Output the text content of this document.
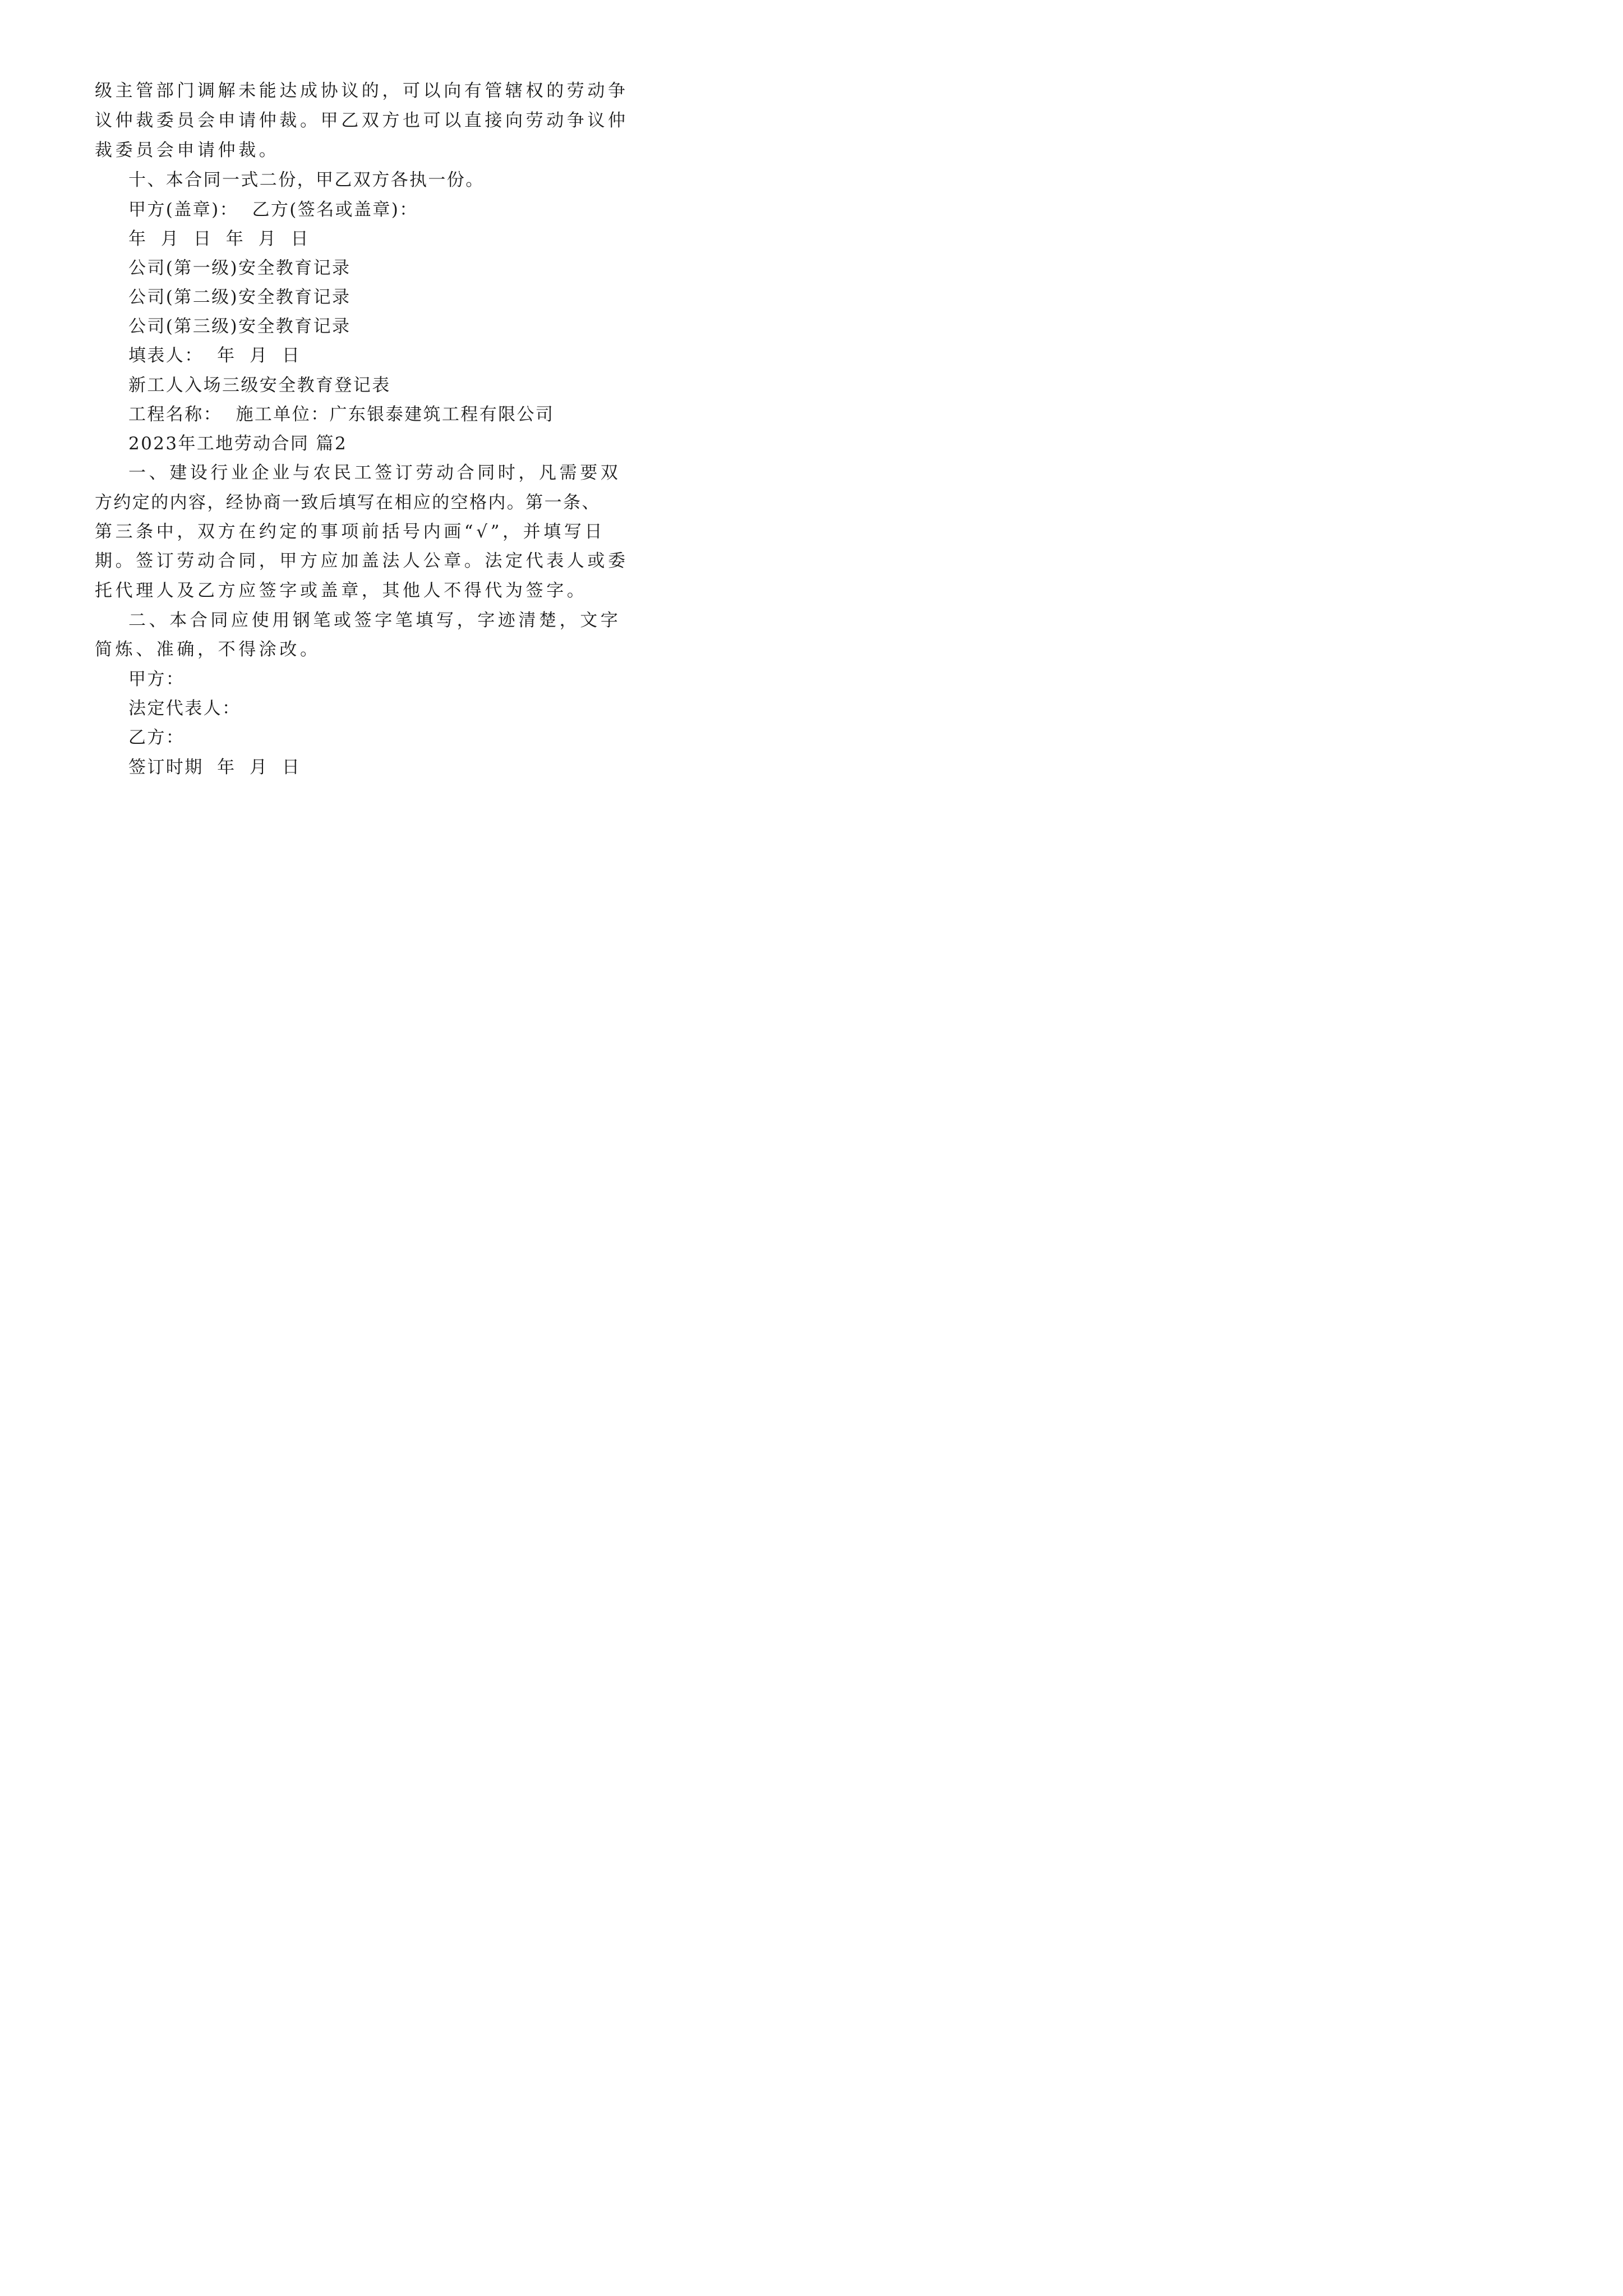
级主管部门调解未能达成协议的，可以向有管辖权的劳动争
议仲裁委员会申请仲裁。甲乙双方也可以直接向劳动争议仲
裁委员会申请仲裁。
十、本合同一式二份，甲乙双方各执一份。
甲方(盖章)：  乙方(签名或盖章)：
年  月  日  年  月  日
公司(第一级)安全教育记录
公司(第二级)安全教育记录
公司(第三级)安全教育记录
填表人：  年  月  日
新工人入场三级安全教育登记表
工程名称：  施工单位：广东银泰建筑工程有限公司
2023年工地劳动合同 篇2
一、建设行业企业与农民工签订劳动合同时，凡需要双
方约定的内容，经协商一致后填写在相应的空格内。第一条、
第三条中，双方在约定的事项前括号内画“√”，并填写日
期。签订劳动合同，甲方应加盖法人公章。法定代表人或委
托代理人及乙方应签字或盖章，其他人不得代为签字。
二、本合同应使用钢笔或签字笔填写，字迹清楚，文字
简炼、准确，不得涂改。
甲方：
法定代表人：
乙方：
签订时期  年  月  日
